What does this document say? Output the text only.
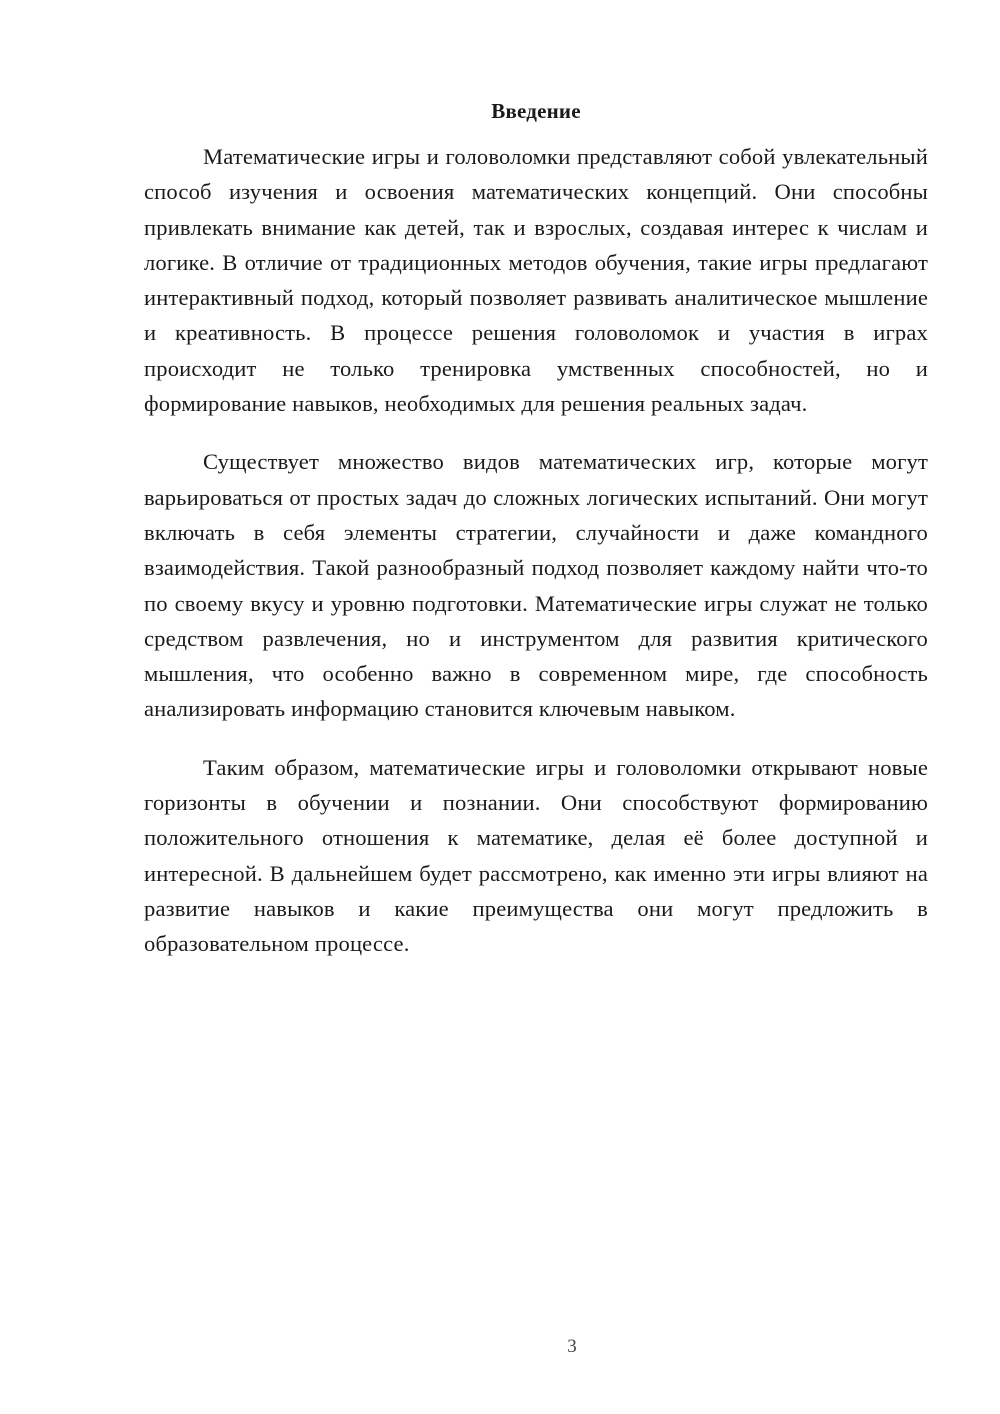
Введение

Математические игры и головоломки представляют собой увлекательный способ изучения и освоения математических концепций. Они способны привлекать внимание как детей, так и взрослых, создавая интерес к числам и логике. В отличие от традиционных методов обучения, такие игры предлагают интерактивный подход, который позволяет развивать аналитическое мышление и креативность. В процессе решения головоломок и участия в играх происходит не только тренировка умственных способностей, но и формирование навыков, необходимых для решения реальных задач.

Существует множество видов математических игр, которые могут варьироваться от простых задач до сложных логических испытаний. Они могут включать в себя элементы стратегии, случайности и даже командного взаимодействия. Такой разнообразный подход позволяет каждому найти что-то по своему вкусу и уровню подготовки. Математические игры служат не только средством развлечения, но и инструментом для развития критического мышления, что особенно важно в современном мире, где способность анализировать информацию становится ключевым навыком.

Таким образом, математические игры и головоломки открывают новые горизонты в обучении и познании. Они способствуют формированию положительного отношения к математике, делая её более доступной и интересной. В дальнейшем будет рассмотрено, как именно эти игры влияют на развитие навыков и какие преимущества они могут предложить в образовательном процессе.

3
